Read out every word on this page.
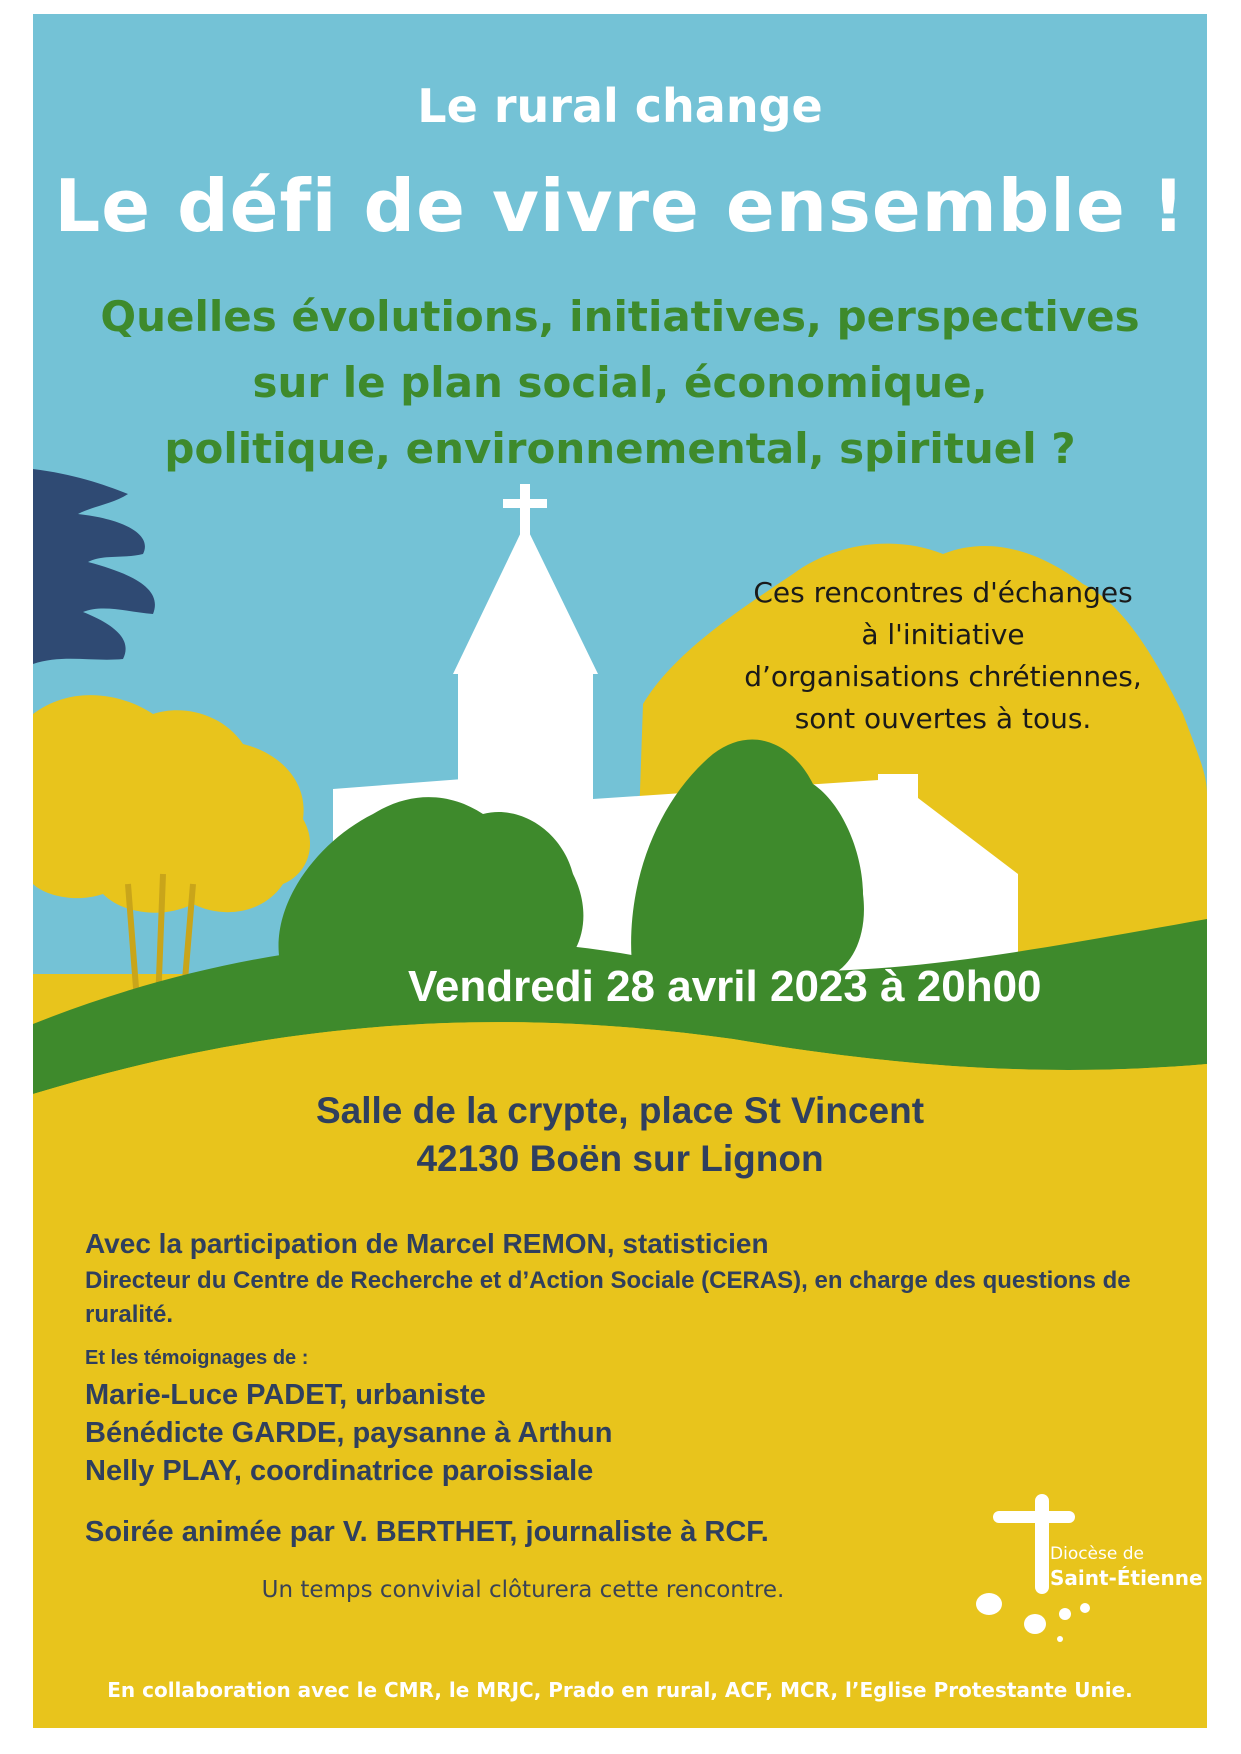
Le rural change

Le défi de vivre ensemble !

Quelles évolutions, initiatives, perspectives
sur le plan social, économique,
politique, environnemental, spirituel ?
Ces rencontres d'échanges
à l'initiative
d’organisations chrétiennes,
sont ouvertes à tous.

Vendredi 28 avril 2023 à 20h00

Salle de la crypte, place St Vincent
42130 Boën sur Lignon

Avec la participation de Marcel REMON, statisticien

Directeur du Centre de Recherche et d’Action Sociale (CERAS), en charge des questions de ruralité.

Et les témoignages de :

Marie-Luce PADET, urbaniste
Bénédicte GARDE, paysanne à Arthun
Nelly PLAY, coordinatrice paroissiale

Soirée animée par V. BERTHET, journaliste à RCF.

Un temps convivial clôturera cette rencontre.

Diocèse de

Saint-Étienne

En collaboration avec le CMR, le MRJC, Prado en rural, ACF, MCR, l’Eglise Protestante Unie.
